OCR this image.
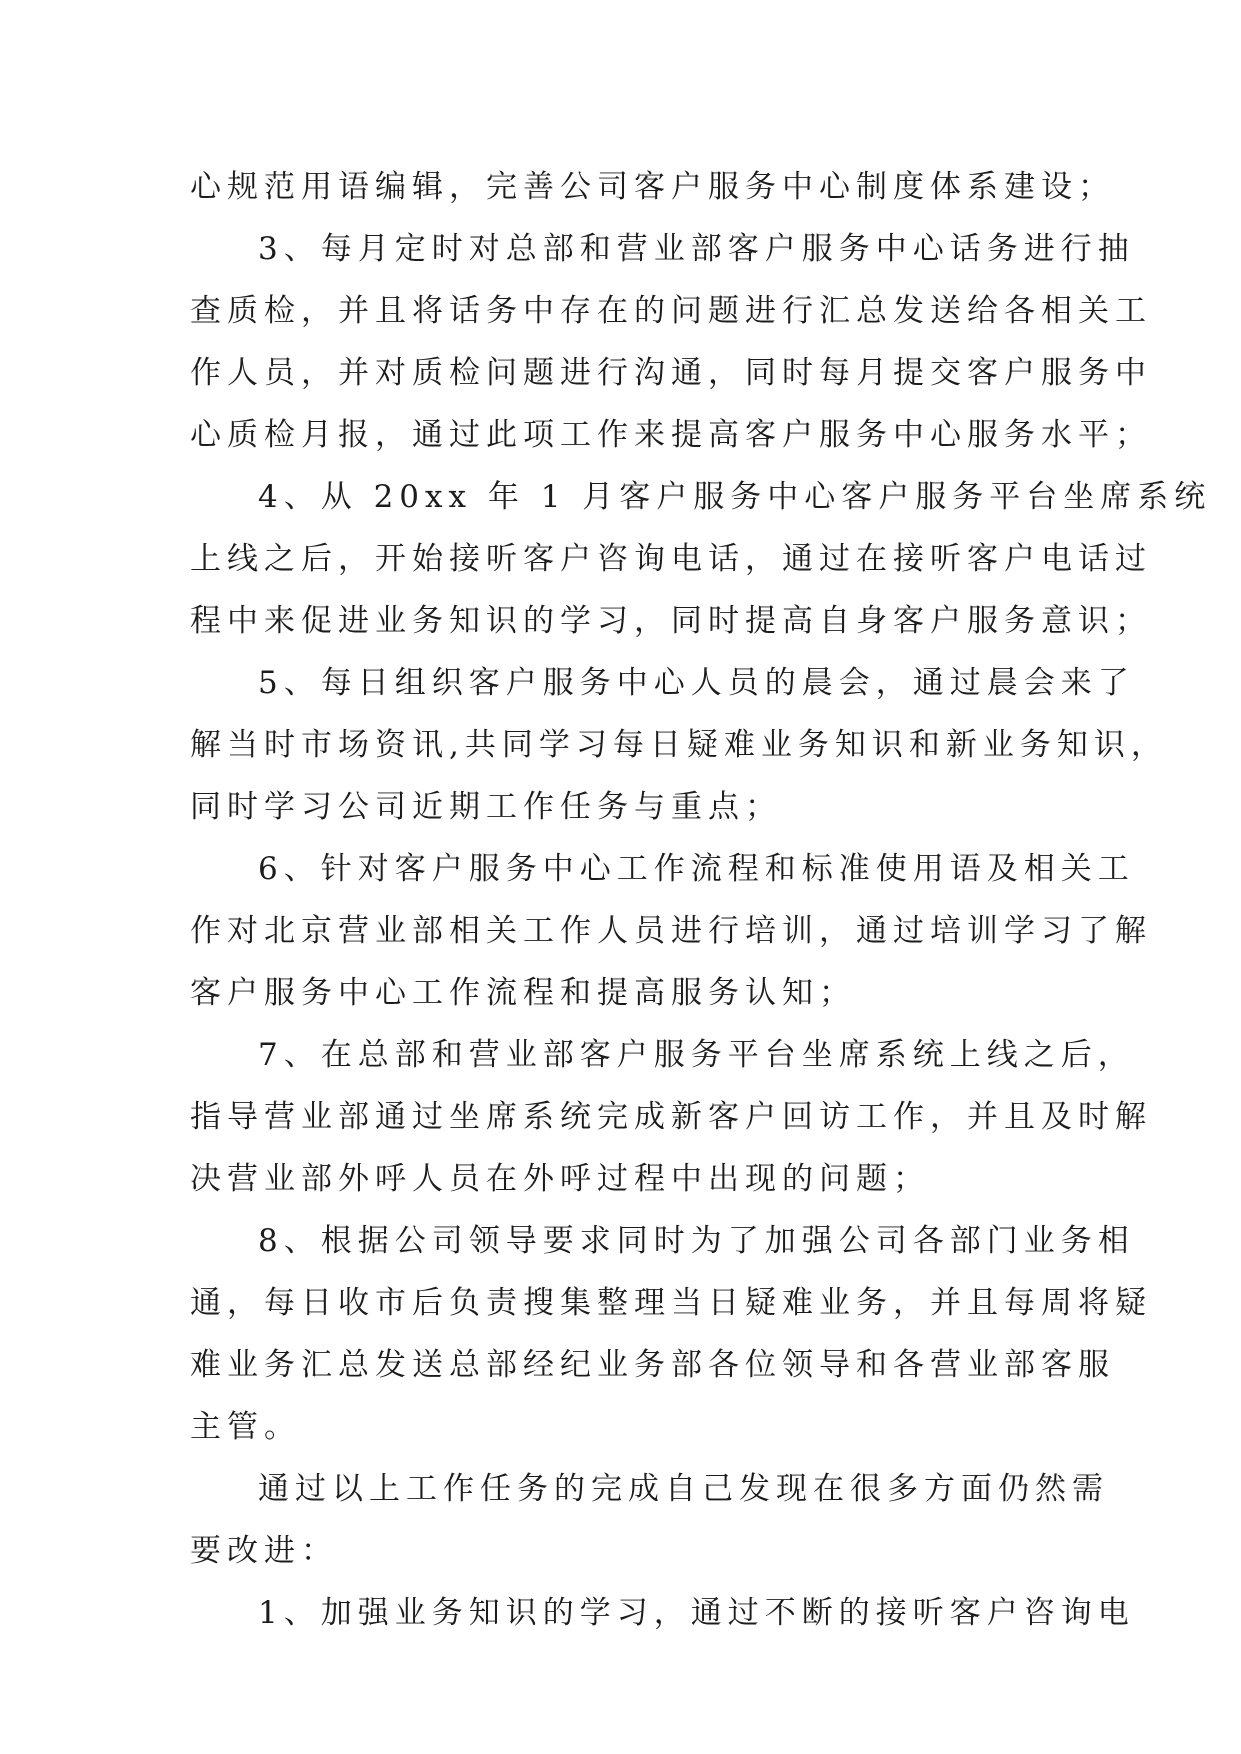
心规范用语编辑，完善公司客户服务中心制度体系建设；
3、每月定时对总部和营业部客户服务中心话务进行抽
查质检，并且将话务中存在的问题进行汇总发送给各相关工
作人员，并对质检问题进行沟通，同时每月提交客户服务中
心质检月报，通过此项工作来提高客户服务中心服务水平；
4、从 20xx 年 1 月客户服务中心客户服务平台坐席系统
上线之后，开始接听客户咨询电话，通过在接听客户电话过
程中来促进业务知识的学习，同时提高自身客户服务意识；
5、每日组织客户服务中心人员的晨会，通过晨会来了
解当时市场资讯,共同学习每日疑难业务知识和新业务知识，
同时学习公司近期工作任务与重点；
6、针对客户服务中心工作流程和标准使用语及相关工
作对北京营业部相关工作人员进行培训，通过培训学习了解
客户服务中心工作流程和提高服务认知；
7、在总部和营业部客户服务平台坐席系统上线之后，
指导营业部通过坐席系统完成新客户回访工作，并且及时解
决营业部外呼人员在外呼过程中出现的问题；
8、根据公司领导要求同时为了加强公司各部门业务相
通，每日收市后负责搜集整理当日疑难业务，并且每周将疑
难业务汇总发送总部经纪业务部各位领导和各营业部客服
主管。
通过以上工作任务的完成自己发现在很多方面仍然需
要改进：
1、加强业务知识的学习，通过不断的接听客户咨询电
